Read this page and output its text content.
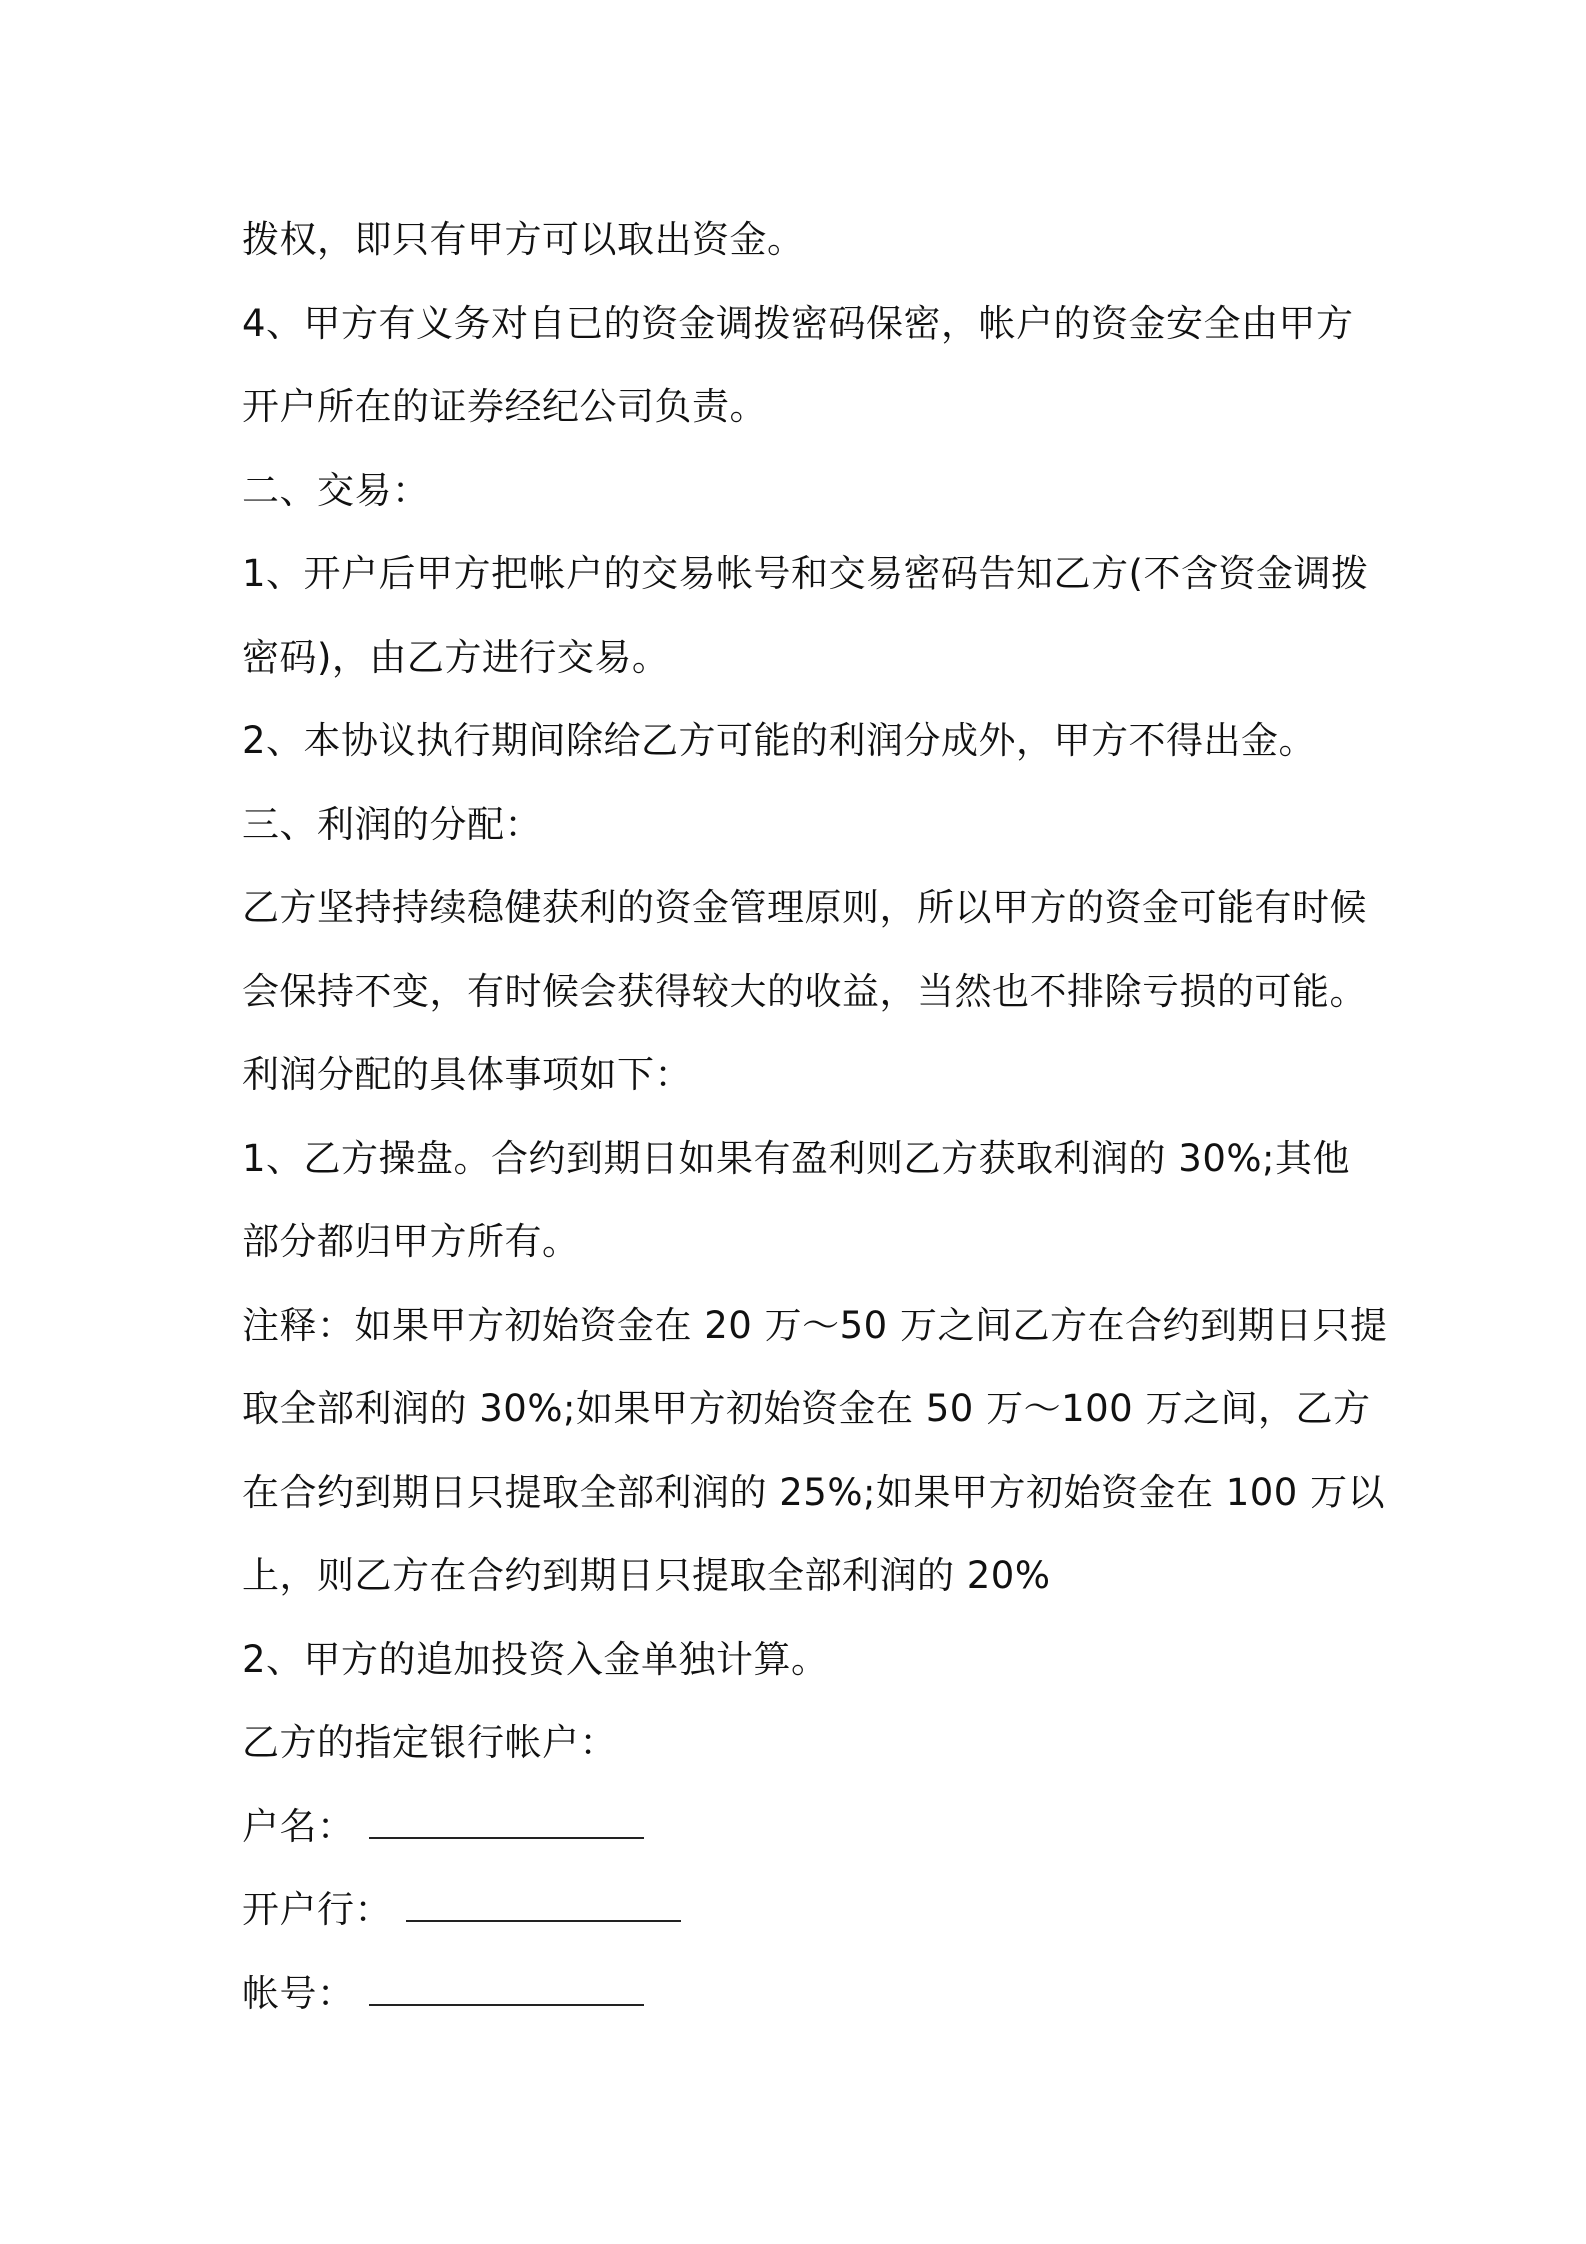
拨权，即只有甲方可以取出资金。
4、甲方有义务对自已的资金调拨密码保密，帐户的资金安全由甲方
开户所在的证券经纪公司负责。
二、交易：
1、开户后甲方把帐户的交易帐号和交易密码告知乙方(不含资金调拨
密码)，由乙方进行交易。
2、本协议执行期间除给乙方可能的利润分成外，甲方不得出金。
三、利润的分配：
乙方坚持持续稳健获利的资金管理原则，所以甲方的资金可能有时候
会保持不变，有时候会获得较大的收益，当然也不排除亏损的可能。
利润分配的具体事项如下：
1、乙方操盘。合约到期日如果有盈利则乙方获取利润的 30%;其他
部分都归甲方所有。
注释：如果甲方初始资金在 20 万～50 万之间乙方在合约到期日只提
取全部利润的 30%;如果甲方初始资金在 50 万～100 万之间，乙方
在合约到期日只提取全部利润的 25%;如果甲方初始资金在 100 万以
上，则乙方在合约到期日只提取全部利润的 20%
2、甲方的追加投资入金单独计算。
乙方的指定银行帐户：
户名：
开户行：
帐号：
